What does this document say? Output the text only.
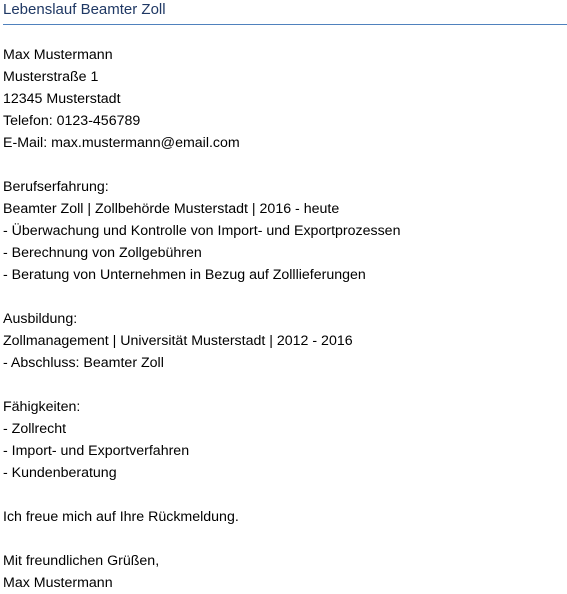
Lebenslauf Beamter Zoll
Max Mustermann
Musterstraße 1
12345 Musterstadt
Telefon: 0123-456789
E-Mail: max.mustermann@email.com
Berufserfahrung:
Beamter Zoll | Zollbehörde Musterstadt | 2016 - heute
- Überwachung und Kontrolle von Import- und Exportprozessen
- Berechnung von Zollgebühren
- Beratung von Unternehmen in Bezug auf Zolllieferungen
Ausbildung:
Zollmanagement | Universität Musterstadt | 2012 - 2016
- Abschluss: Beamter Zoll
Fähigkeiten:
- Zollrecht
- Import- und Exportverfahren
- Kundenberatung
Ich freue mich auf Ihre Rückmeldung.
Mit freundlichen Grüßen,
Max Mustermann
